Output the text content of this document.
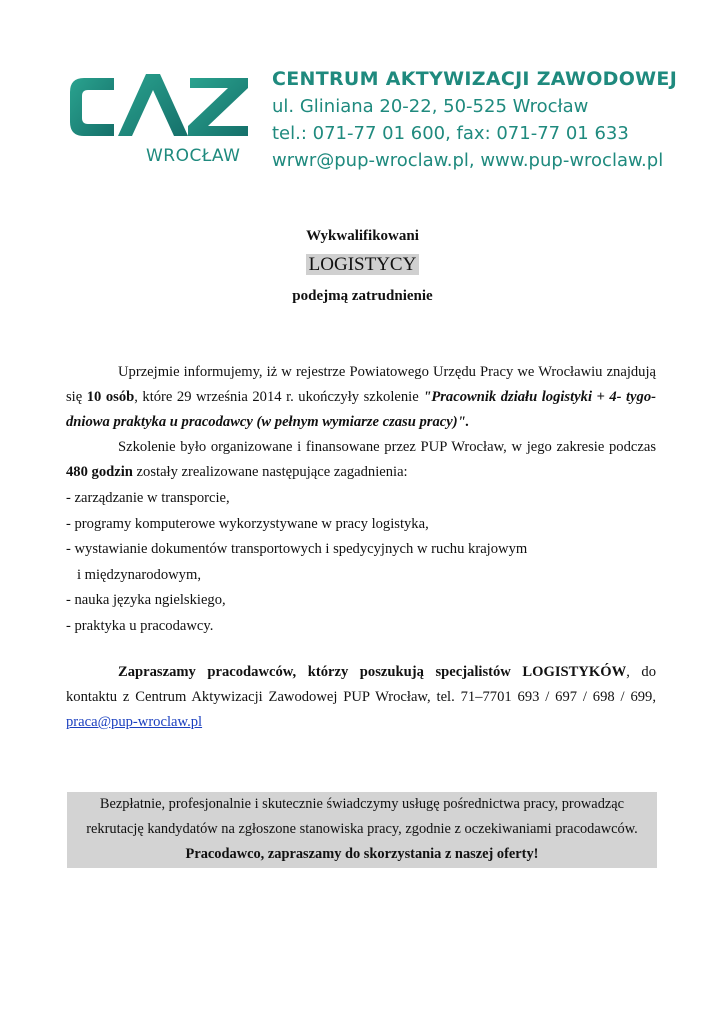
WROCŁAW
CENTRUM AKTYWIZACJI ZAWODOWEJ
ul. Gliniana 20-22, 50-525 Wrocław
tel.: 071-77 01 600, fax: 071-77 01 633
wrwr@pup-wroclaw.pl, www.pup-wroclaw.pl
Wykwalifikowani
LOGISTYCY
podejmą zatrudnienie
Uprzejmie informujemy, iż w rejestrze Powiatowego Urzędu Pracy we Wrocławiu znajdują się 10 osób, które 29 września 2014 r. ukończyły szkolenie "Pracownik działu logistyki + 4- tygo-dniowa praktyka u pracodawcy (w pełnym wymiarze czasu pracy)".
Szkolenie było organizowane i finansowane przez PUP Wrocław, w jego zakresie podczas 480 godzin zostały zrealizowane następujące zagadnienia:
- zarządzanie w transporcie,
- programy komputerowe wykorzystywane w pracy logistyka,
- wystawianie dokumentów transportowych i spedycyjnych w ruchu krajowym
i międzynarodowym,
- nauka języka ngielskiego,
- praktyka u pracodawcy.
Zapraszamy pracodawców, którzy poszukują specjalistów LOGISTYKÓW, do kontaktu z Centrum Aktywizacji Zawodowej PUP Wrocław, tel. 71–7701 693 / 697 / 698 / 699, praca@pup-wroclaw.pl
Bezpłatnie, profesjonalnie i skutecznie świadczymy usługę pośrednictwa pracy, prowadząc
rekrutację kandydatów na zgłoszone stanowiska pracy, zgodnie z oczekiwaniami pracodawców.
Pracodawco, zapraszamy do skorzystania z naszej oferty!
